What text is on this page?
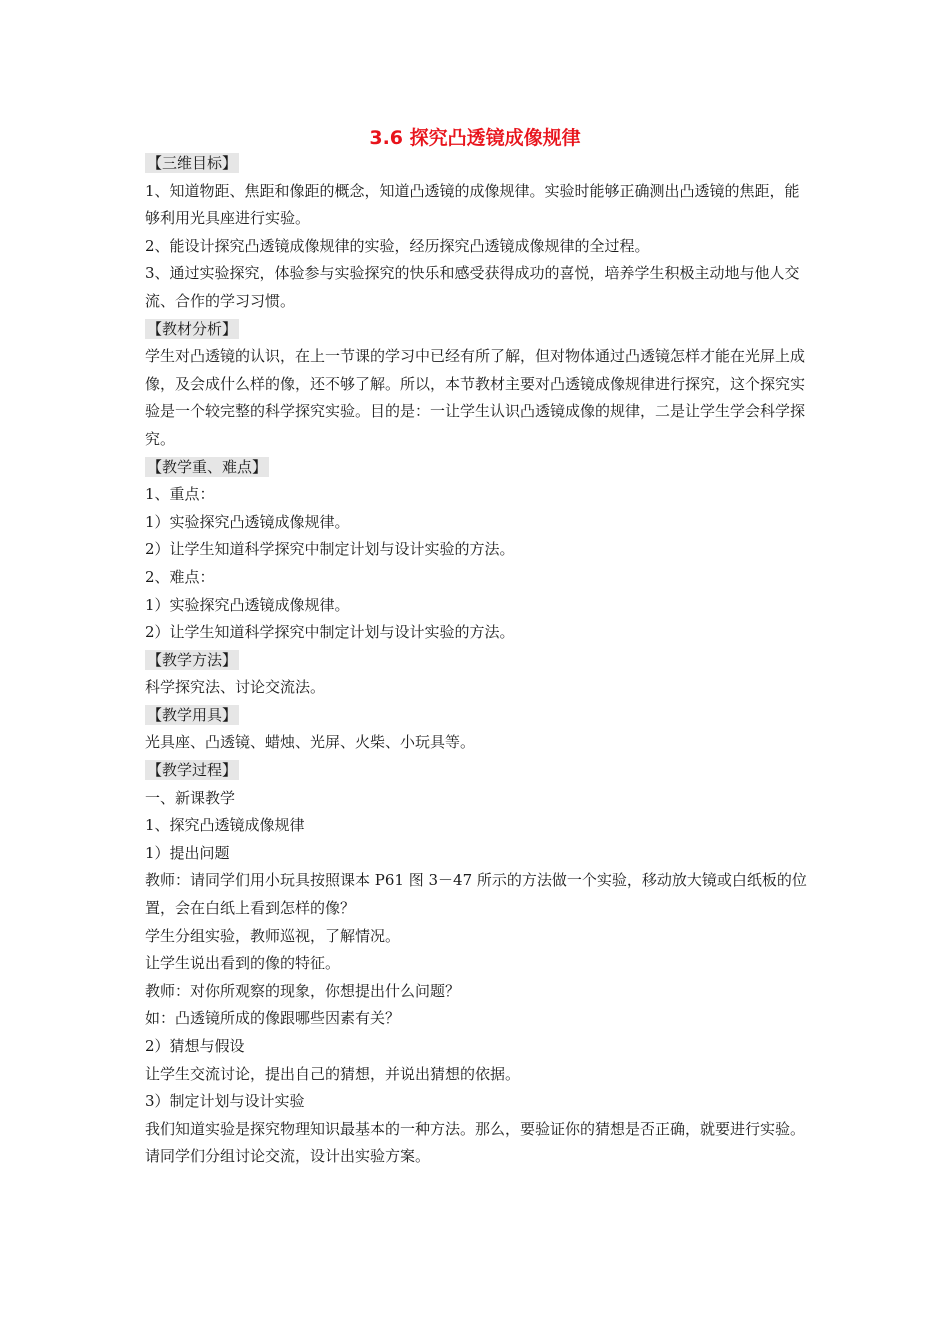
3.6 探究凸透镜成像规律
【三维目标】
1、知道物距、焦距和像距的概念，知道凸透镜的成像规律。实验时能够正确测出凸透镜的焦距，能够利用光具座进行实验。
2、能设计探究凸透镜成像规律的实验，经历探究凸透镜成像规律的全过程。
3、通过实验探究，体验参与实验探究的快乐和感受获得成功的喜悦，培养学生积极主动地与他人交流、合作的学习习惯。
【教材分析】
学生对凸透镜的认识，在上一节课的学习中已经有所了解，但对物体通过凸透镜怎样才能在光屏上成像，及会成什么样的像，还不够了解。所以，本节教材主要对凸透镜成像规律进行探究，这个探究实验是一个较完整的科学探究实验。目的是：一让学生认识凸透镜成像的规律，二是让学生学会科学探究。
【教学重、难点】
1、重点：
1）实验探究凸透镜成像规律。
2）让学生知道科学探究中制定计划与设计实验的方法。
2、难点：
1）实验探究凸透镜成像规律。
2）让学生知道科学探究中制定计划与设计实验的方法。
【教学方法】
科学探究法、讨论交流法。
【教学用具】
光具座、凸透镜、蜡烛、光屏、火柴、小玩具等。
【教学过程】
一、新课教学
1、探究凸透镜成像规律
1）提出问题
教师：请同学们用小玩具按照课本 P61 图 3－47 所示的方法做一个实验，移动放大镜或白纸板的位置，会在白纸上看到怎样的像？
学生分组实验，教师巡视，了解情况。
让学生说出看到的像的特征。
教师：对你所观察的现象，你想提出什么问题？
如：凸透镜所成的像跟哪些因素有关？
2）猜想与假设
让学生交流讨论，提出自己的猜想，并说出猜想的依据。
3）制定计划与设计实验
我们知道实验是探究物理知识最基本的一种方法。那么，要验证你的猜想是否正确，就要进行实验。
请同学们分组讨论交流，设计出实验方案。
